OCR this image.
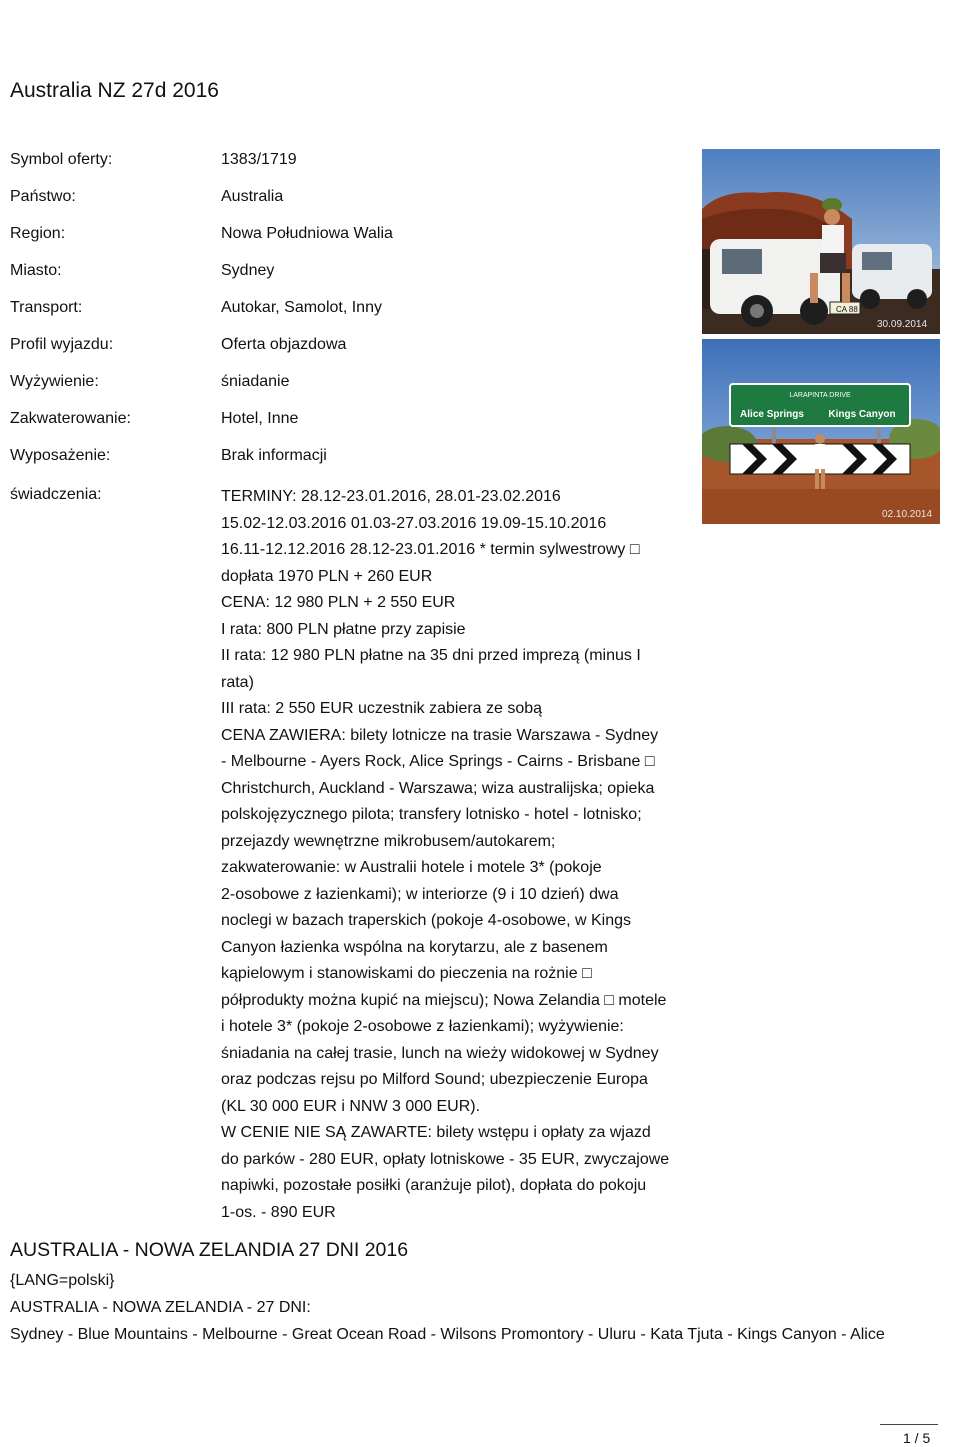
Australia NZ 27d 2016
Symbol oferty:	1383/1719
Państwo:	Australia
Region:	Nowa Południowa Walia
Miasto:	Sydney
Transport:	Autokar, Samolot, Inny
Profil wyjazdu:	Oferta objazdowa
Wyżywienie:	śniadanie
Zakwaterowanie:	Hotel, Inne
Wyposażenie:	Brak informacji
świadczenia:	TERMINY: 28.12-23.01.2016, 28.01-23.02.2016
15.02-12.03.2016 01.03-27.03.2016 19.09-15.10.2016
16.11-12.12.2016 28.12-23.01.2016 * termin sylwestrowy □
dopłata 1970 PLN + 260 EUR
CENA: 12 980 PLN + 2 550 EUR
I rata: 800 PLN płatne przy zapisie
II rata: 12 980 PLN płatne na 35 dni przed imprezą (minus I
rata)
III rata: 2 550 EUR uczestnik zabiera ze sobą
CENA ZAWIERA: bilety lotnicze na trasie Warszawa - Sydney
- Melbourne - Ayers Rock, Alice Springs - Cairns - Brisbane □
Christchurch, Auckland - Warszawa; wiza australijska; opieka
polskojęzycznego pilota; transfery lotnisko - hotel - lotnisko;
przejazdy wewnętrzne mikrobusem/autokarem;
zakwaterowanie: w Australii hotele i motele 3* (pokoje
2-osobowe z łazienkami); w interiorze (9 i 10 dzień) dwa
noclegi w bazach traperskich (pokoje 4-osobowe, w Kings
Canyon łazienka wspólna na korytarzu, ale z basenem
kąpielowym i stanowiskami do pieczenia na rożnie □
półprodukty można kupić na miejscu); Nowa Zelandia □ motele
i hotele 3* (pokoje 2-osobowe z łazienkami); wyżywienie:
śniadania na całej trasie, lunch na wieży widokowej w Sydney
oraz podczas rejsu po Milford Sound; ubezpieczenie Europa
(KL 30 000 EUR i NNW 3 000 EUR).
W CENIE NIE SĄ ZAWARTE: bilety wstępu i opłaty za wjazd
do parków - 280 EUR, opłaty lotniskowe - 35 EUR, zwyczajowe
napiwki, pozostałe posiłki (aranżuje pilot), dopłata do pokoju
1-os. - 890 EUR
CA 88
30.09.2014
LARAPINTA DRIVE
Alice Springs Kings Canyon
02.10.2014
AUSTRALIA - NOWA ZELANDIA 27 DNI 2016
{LANG=polski}
AUSTRALIA - NOWA ZELANDIA - 27 DNI:
Sydney - Blue Mountains - Melbourne - Great Ocean Road - Wilsons Promontory - Uluru - Kata Tjuta - Kings Canyon - Alice
1 / 5
